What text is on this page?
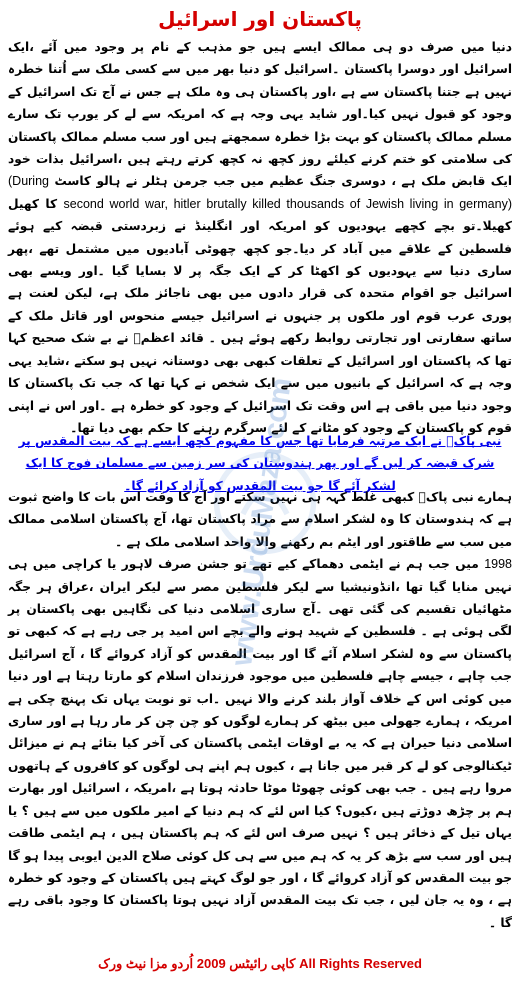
پاکستان اور اسرائیل
دنیا میں صرف دو ہی ممالک ایسے ہیں جو مذہب کے نام پر وجود میں آئے ،ایک اسرائیل اور دوسرا پاکستان ۔اسرائیل کو دنیا بھر میں سے کسی ملک سے اُتنا خطرہ نہیں ہے جتنا پاکستان سے ہے ،اور پاکستان ہی وہ ملک ہے جس نے آج تک اسرائیل کے وجود کو قبول نہیں کیا۔اور شاید یہی وجہ ہے کہ امریکہ سے لے کر یورپ تک سارے مسلم ممالک پاکستان کو بہت بڑا خطرہ سمجھتے ہیں اور سب مسلم ممالک پاکستان کی سلامتی کو ختم کرنے کیلئے روز کچھ نہ کچھ کرتے رہتے ہیں ،اسرائیل بذات خود ایک قابض ملک ہے ، دوسری جنگ عظیم میں جب جرمن ہٹلر نے ہالو کاسٹ (During second world war, hitler brutally killed thousands of Jewish living in germany) کا کھیل کھیلا۔تو بچے کچھے یہودیوں کو امریکہ اور انگلینڈ نے زبردستی قبضہ کیے ہوئے فلسطین کے علاقے میں آباد کر دیا۔جو کچھ چھوٹی آبادیوں میں مشتمل تھے ،پھر ساری دنیا سے یہودیوں کو اکھٹا کر کے ایک جگہ پر لا بسایا گیا ۔اور ویسے بھی اسرائیل جو اقوام متحدہ کی قرار دادوں میں بھی ناجائز ملک ہے، لیکن لعنت ہے پوری عرب قوم اور ملکوں پر جنہوں نے اسرائیل جیسے منحوس اور قاتل ملک کے ساتھ سفارتی اور تجارتی روابط رکھے ہوئے ہیں ۔ قائد اعظمؒ نے بے شک صحیح کہا تھا کہ پاکستان اور اسرائیل کے تعلقات کبھی بھی دوستانہ نہیں ہو سکتے ،شاید یہی وجہ ہے کہ اسرائیل کے بانیوں میں سے ایک شخص نے کہا تھا کہ جب تک پاکستان کا وجود دنیا میں باقی ہے اس وقت تک اسرائیل کے وجود کو خطرہ ہے ۔اور اس نے اپنی قوم کو پاکستان کے وجود کو مٹانے کے لئے سرگرم رہنے کا حکم بھی دیا تھا۔
نبی پاکؐ نے ایک مرتبہ فرمایا تھا جس کا مفہوم کچھ ایسے ہے کہ بیت المقدس پر شرک قبضہ کر لیں گے اور پھر ہندوستان کی سر زمین سے مسلمان فوج کا ایک لشکر آئے گا جو بیت المقدس کو آزاد کرائے گا۔
ہمارے نبی پاکؐ کبھی غلط کہہ ہی نہیں سکتے اور آج کا وقت اس بات کا واضح ثبوت ہے کہ ہندوستان کا وہ لشکر اسلام سے مراد پاکستان تھا، آج پاکستان اسلامی ممالک میں سب سے طاقتور اور ایٹم بم رکھنے والا واحد اسلامی ملک ہے ۔
1998 میں جب ہم نے ایٹمی دھماکے کیے تھے تو جشن صرف لاہور یا کراچی میں ہی نہیں منایا گیا تھا ،انڈونیشیا سے لیکر فلسطین مصر سے لیکر ایران ،عراق ہر جگہ مٹھائیاں تقسیم کی گئی تھی ۔آج ساری اسلامی دنیا کی نگاہیں بھی پاکستان پر لگی ہوئی ہے ۔ فلسطین کے شہید ہونے والے بچے اس امید پر جی رہے ہے کہ کبھی تو پاکستان سے وہ لشکر اسلام آئے گا اور بیت المقدس کو آزاد کروائے گا ، آج اسرائیل جب چاہے ، جیسے چاہے فلسطین میں موجود فرزندان اسلام کو مارتا رہتا ہے اور دنیا میں کوئی اس کے خلاف آواز بلند کرنے والا نہیں ۔اب تو نوبت یہاں تک پہنچ چکی ہے امریکہ ، ہمارے جھولی میں بیٹھ کر ہمارے لوگوں کو چن چن کر مار رہا ہے اور ساری اسلامی دنیا حیران ہے کہ یہ بے اوقات ایٹمی پاکستان کی آخر کیا بتائے ہم نے میزائل ٹیکنالوجی کو لے کر قبر میں جانا ہے ، کیوں ہم اپنے ہی لوگوں کو کافروں کے ہاتھوں مروا رہے ہیں ۔ جب بھی کوئی چھوٹا موٹا حادثہ ہوتا ہے ،امریکہ ، اسرائیل اور بھارت ہم پر چڑھ دوڑتے ہیں ،کیوں؟ کیا اس لئے کہ ہم دنیا کے امیر ملکوں میں سے ہیں ؟ یا یہاں تیل کے ذخائر ہیں ؟ نہیں صرف اس لئے کہ ہم پاکستان ہیں ، ہم ایٹمی طاقت ہیں اور سب سے بڑھ کر یہ کہ ہم میں سے ہی کل کوئی صلاح الدین ایوبی پیدا ہو گا جو بیت المقدس کو آزاد کروائے گا ، اور جو لوگ کہتے ہیں پاکستان کے وجود کو خطرہ ہے ، وہ یہ جان لیں ، جب تک بیت المقدس آزاد نہیں ہوتا پاکستان کا وجود باقی رہے گا ۔
www.UrduMaza.com
کاپی رائیٹس 2009 اُردو مزا نیٹ ورک All Rights Reserved
